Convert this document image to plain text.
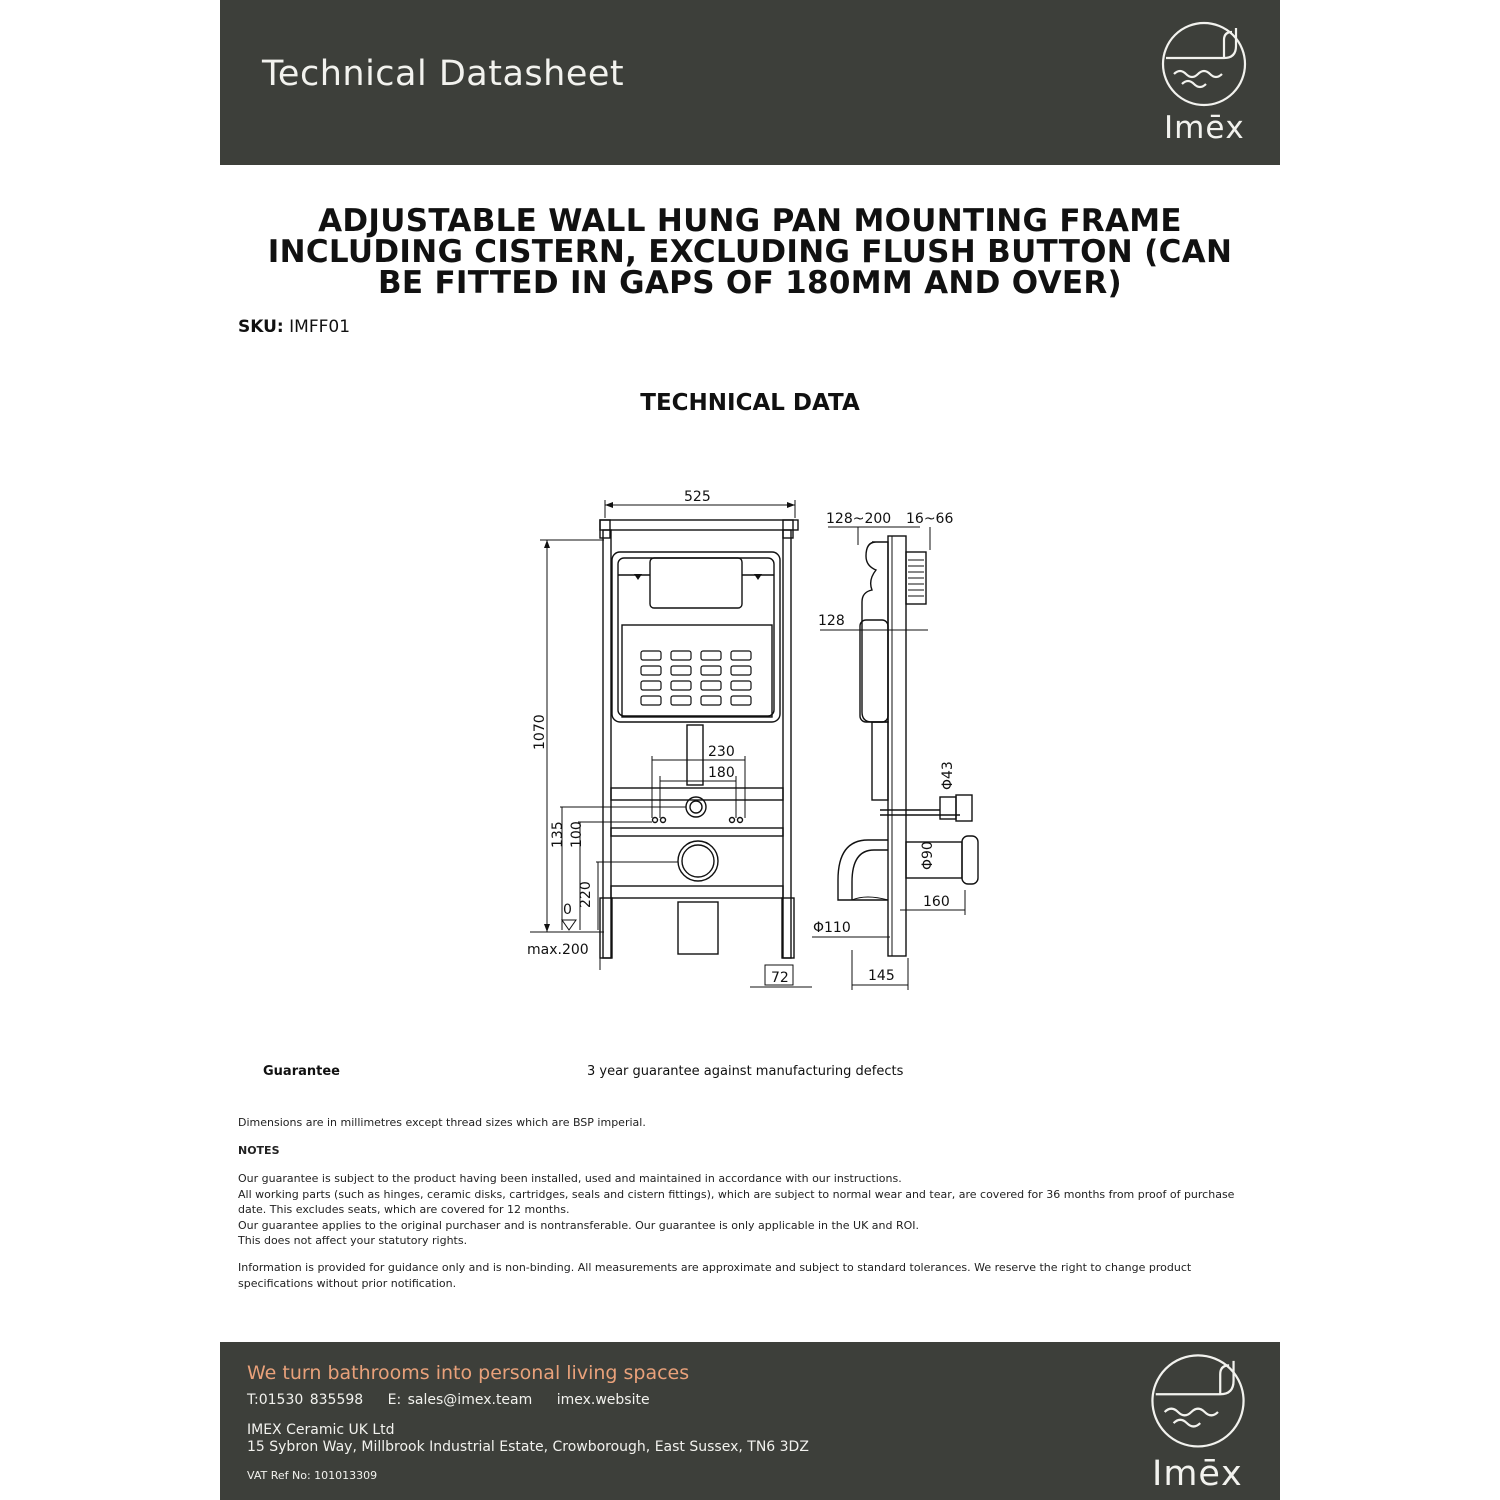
Technical Datasheet
Imēx
ADJUSTABLE WALL HUNG PAN MOUNTING FRAME INCLUDING CISTERN, EXCLUDING FLUSH BUTTON (CAN BE FITTED IN GAPS OF 180MM AND OVER)
SKU: IMFF01
TECHNICAL DATA
525
230
180
1070
135 100
220
0
max.200
72
128~200 16~66
128
Φ43
Φ90
160
Φ110
145
Guarantee	3 year guarantee against manufacturing defects
Dimensions are in millimetres except thread sizes which are BSP imperial.
NOTES
Our guarantee is subject to the product having been installed, used and maintained in accordance with our instructions.
All working parts (such as hinges, ceramic disks, cartridges, seals and cistern fittings), which are subject to normal wear and tear, are covered for 36 months from proof of purchase date. This excludes seats, which are covered for 12 months.
Our guarantee applies to the original purchaser and is nontransferable. Our guarantee is only applicable in the UK and ROI.
This does not affect your statutory rights.
Information is provided for guidance only and is non-binding. All measurements are approximate and subject to standard tolerances. We reserve the right to change product specifications without prior notification.
We turn bathrooms into personal living spaces
T:01530 835598 E: sales@imex.team imex.website
IMEX Ceramic UK Ltd
15 Sybron Way, Millbrook Industrial Estate, Crowborough, East Sussex, TN6 3DZ
VAT Ref No: 101013309	Imēx
